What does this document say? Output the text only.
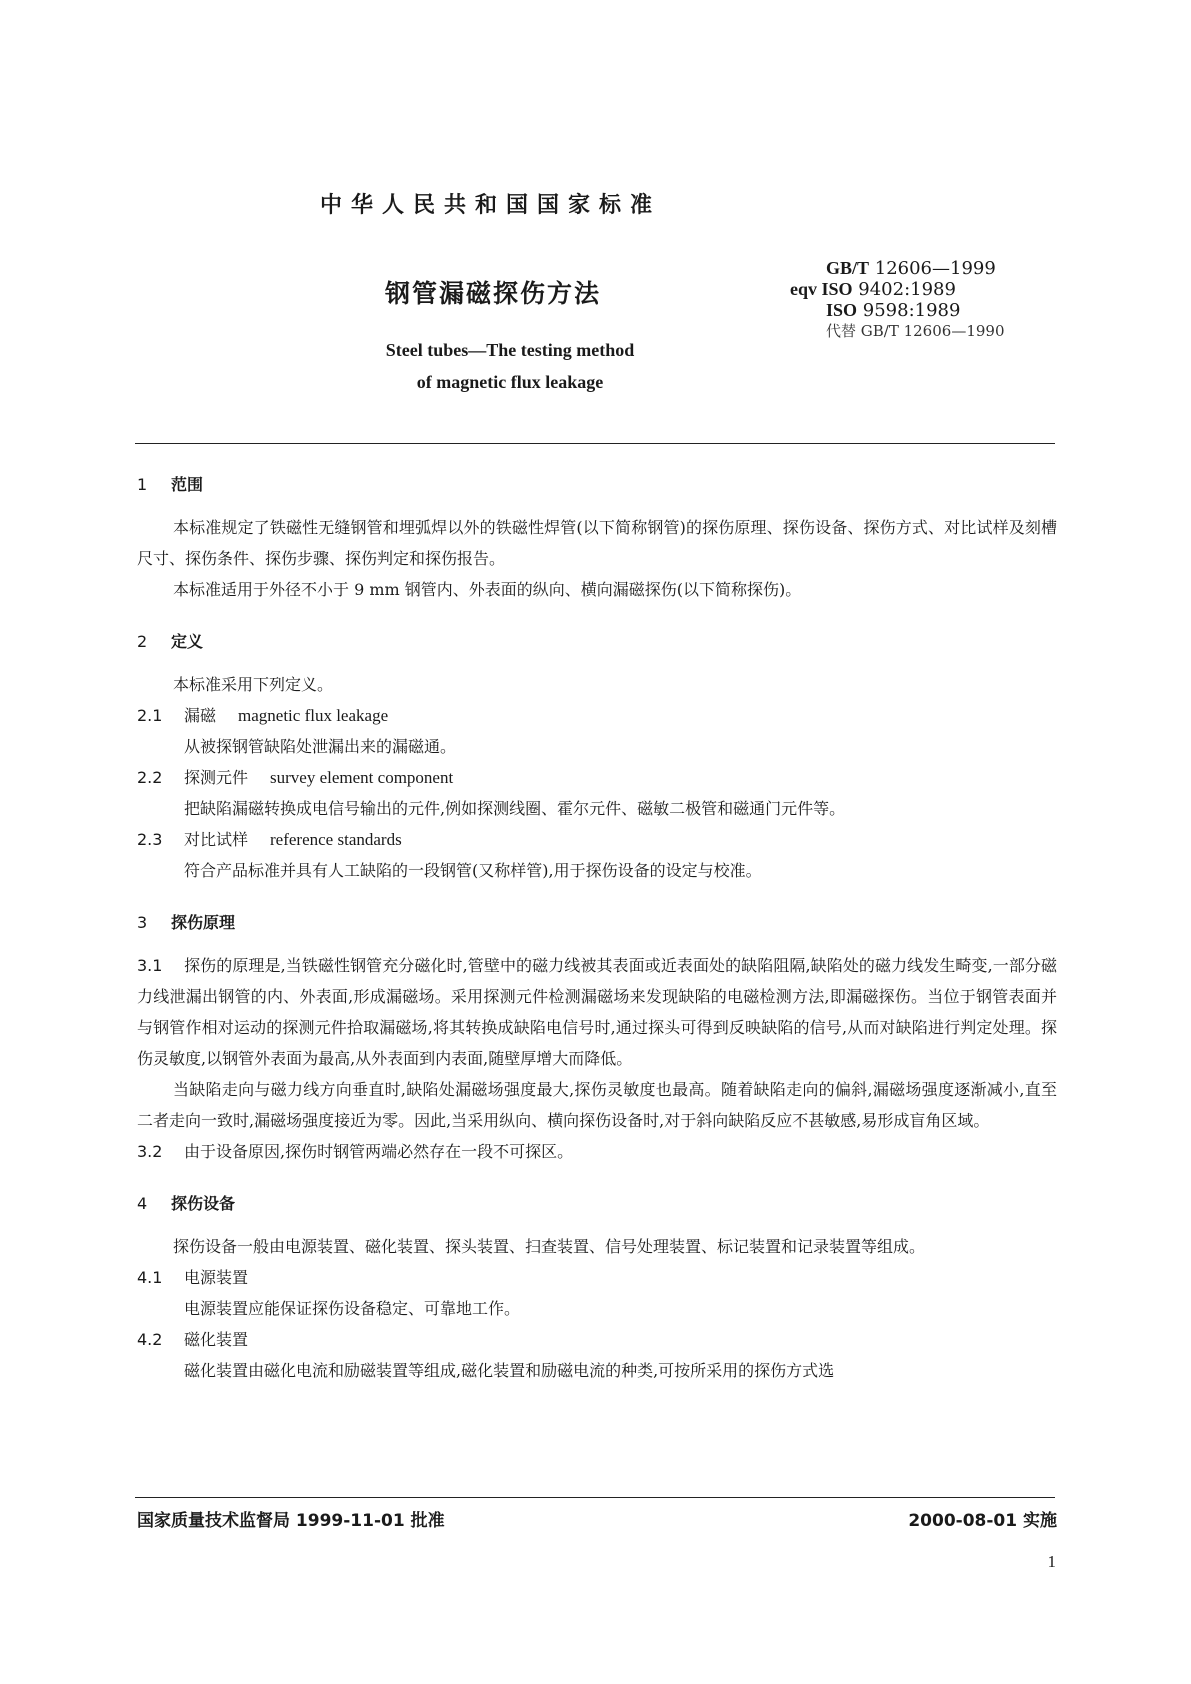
中华人民共和国国家标准
钢管漏磁探伤方法
GB/T 12606—1999
eqv ISO 9402:1989
ISO 9598:1989
代替 GB/T 12606—1990
Steel tubes—The testing method
of magnetic flux leakage
1 范围

本标准规定了铁磁性无缝钢管和埋弧焊以外的铁磁性焊管(以下简称钢管)的探伤原理、探伤设备、探伤方式、对比试样及刻槽尺寸、探伤条件、探伤步骤、探伤判定和探伤报告。

本标准适用于外径不小于 9 mm 钢管内、外表面的纵向、横向漏磁探伤(以下简称探伤)。

2 定义

本标准采用下列定义。

2.1 漏磁 magnetic flux leakage
从被探钢管缺陷处泄漏出来的漏磁通。
2.2 探测元件 survey element component
把缺陷漏磁转换成电信号输出的元件,例如探测线圈、霍尔元件、磁敏二极管和磁通门元件等。
2.3 对比试样 reference standards
符合产品标准并具有人工缺陷的一段钢管(又称样管),用于探伤设备的设定与校准。
3 探伤原理

3.1 探伤的原理是,当铁磁性钢管充分磁化时,管壁中的磁力线被其表面或近表面处的缺陷阻隔,缺陷处的磁力线发生畸变,一部分磁力线泄漏出钢管的内、外表面,形成漏磁场。采用探测元件检测漏磁场来发现缺陷的电磁检测方法,即漏磁探伤。当位于钢管表面并与钢管作相对运动的探测元件拾取漏磁场,将其转换成缺陷电信号时,通过探头可得到反映缺陷的信号,从而对缺陷进行判定处理。探伤灵敏度,以钢管外表面为最高,从外表面到内表面,随壁厚增大而降低。

当缺陷走向与磁力线方向垂直时,缺陷处漏磁场强度最大,探伤灵敏度也最高。随着缺陷走向的偏斜,漏磁场强度逐渐减小,直至二者走向一致时,漏磁场强度接近为零。因此,当采用纵向、横向探伤设备时,对于斜向缺陷反应不甚敏感,易形成盲角区域。

3.2 由于设备原因,探伤时钢管两端必然存在一段不可探区。

4 探伤设备

探伤设备一般由电源装置、磁化装置、探头装置、扫查装置、信号处理装置、标记装置和记录装置等组成。

4.1 电源装置
电源装置应能保证探伤设备稳定、可靠地工作。
4.2 磁化装置
磁化装置由磁化电流和励磁装置等组成,磁化装置和励磁电流的种类,可按所采用的探伤方式选
国家质量技术监督局 1999-11-01 批准	2000-08-01 实施
1
